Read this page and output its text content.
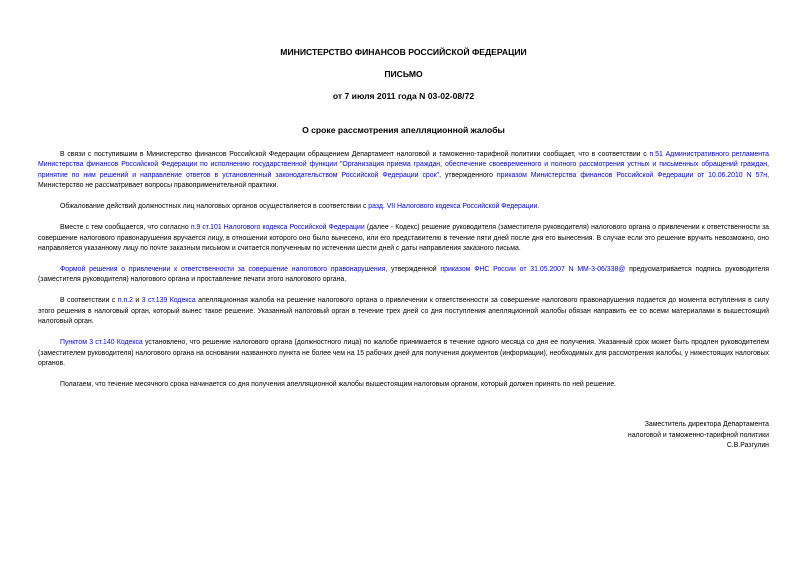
МИНИСТЕРСТВО ФИНАНСОВ РОССИЙСКОЙ ФЕДЕРАЦИИ
ПИСЬМО
от 7 июля 2011 года N 03-02-08/72
О сроке рассмотрения апелляционной жалобы

В связи с поступившим в Министерство финансов Российской Федерации обращением Департамент налоговой и таможенно-тарифной политики сообщает, что в соответствии с п.51 Административного регламента Министерства финансов Российской Федерации по исполнению государственной функции "Организация приема граждан, обеспечение своевременного и полного рассмотрения устных и письменных обращений граждан, принятие по ним решений и направление ответов в установленный законодательством Российской Федерации срок", утвержденного приказом Министерства финансов Российской Федерации от 10.06.2010 N 57н, Министерство не рассматривает вопросы правоприменительной практики.

Обжалование действий должностных лиц налоговых органов осуществляется в соответствии с разд. VII Налогового кодекса Российской Федерации.

Вместе с тем сообщается, что согласно п.9 ст.101 Налогового кодекса Российской Федерации (далее - Кодекс) решение руководителя (заместителя руководителя) налогового органа о привлечении к ответственности за совершение налогового правонарушения вручается лицу, в отношении которого оно было вынесено, или его представителю в течение пяти дней после дня его вынесения. В случае если это решение вручить невозможно, оно направляется указанному лицу по почте заказным письмом и считается полученным по истечении шести дней с даты направления заказного письма.

Формой решения о привлечении к ответственности за совершение налогового правонарушения, утвержденной приказом ФНС России от 31.05.2007 N ММ-3-06/338@ предусматривается подпись руководителя (заместителя руководителя) налогового органа и проставление печати этого налогового органа.

В соответствии с п.п.2 и 3 ст.139 Кодекса апелляционная жалоба на решение налогового органа о привлечении к ответственности за совершение налогового правонарушения подается до момента вступления в силу этого решения в налоговый орган, который вынес такое решение. Указанный налоговый орган в течение трех дней со дня поступления апелляционной жалобы обязан направить ее со всеми материалами в вышестоящий налоговый орган.

Пунктом 3 ст.140 Кодекса установлено, что решение налогового органа (должностного лица) по жалобе принимается в течение одного месяца со дня ее получения. Указанный срок может быть продлен руководителем (заместителем руководителя) налогового органа на основании названного пункта не более чем на 15 рабочих дней для получения документов (информации), необходимых для рассмотрения жалобы, у нижестоящих налоговых органов.

Полагаем, что течение месячного срока начинается со дня получения апелляционной жалобы вышестоящим налоговым органом, который должен принять по ней решение.

Заместитель директора Департамента
налоговой и таможенно-тарифной политики
С.В.Разгулин
